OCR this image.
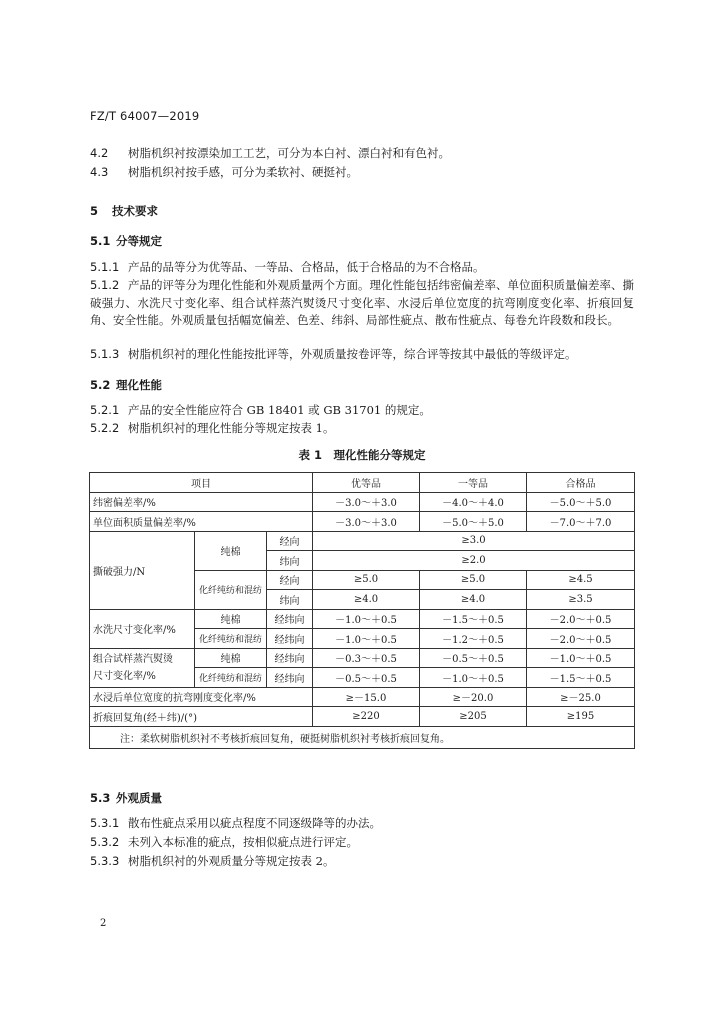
FZ/T 64007—2019
4.2 树脂机织衬按漂染加工工艺，可分为本白衬、漂白衬和有色衬。
4.3 树脂机织衬按手感，可分为柔软衬、硬挺衬。
5 技术要求
5.1 分等规定
5.1.1 产品的品等分为优等品、一等品、合格品，低于合格品的为不合格品。
5.1.2 产品的评等分为理化性能和外观质量两个方面。理化性能包括纬密偏差率、单位面积质量偏差率、撕破强力、水洗尺寸变化率、组合试样蒸汽熨烫尺寸变化率、水浸后单位宽度的抗弯刚度变化率、折痕回复角、安全性能。外观质量包括幅宽偏差、色差、纬斜、局部性疵点、散布性疵点、每卷允许段数和段长。
5.1.3 树脂机织衬的理化性能按批评等，外观质量按卷评等，综合评等按其中最低的等级评定。
5.2 理化性能
5.2.1 产品的安全性能应符合 GB 18401 或 GB 31701 的规定。
5.2.2 树脂机织衬的理化性能分等规定按表 1。
表 1　理化性能分等规定
项目			优等品	一等品	合格品
纬密偏差率/%			－3.0～＋3.0	－4.0～＋4.0	－5.0～＋5.0
单位面积质量偏差率/%			－3.0～＋3.0	－5.0～＋5.0	－7.0～＋7.0
撕破强力/N	纯棉	经向	≥3.0		
		纬向	≥2.0		
	化纤纯纺和混纺	经向	≥5.0	≥5.0	≥4.5
		纬向	≥4.0	≥4.0	≥3.5
水洗尺寸变化率/%	纯棉	经纬向	－1.0～＋0.5	－1.5～＋0.5	－2.0～＋0.5
	化纤纯纺和混纺	经纬向	－1.0～＋0.5	－1.2～＋0.5	－2.0～＋0.5
组合试样蒸汽熨烫
尺寸变化率/%	纯棉	经纬向	－0.3～＋0.5	－0.5～＋0.5	－1.0～＋0.5
	化纤纯纺和混纺	经纬向	－0.5～＋0.5	－1.0～＋0.5	－1.5～＋0.5
水浸后单位宽度的抗弯刚度变化率/%			≥－15.0	≥－20.0	≥－25.0
折痕回复角(经＋纬)/(°)			≥220	≥205	≥195
注：柔软树脂机织衬不考核折痕回复角，硬挺树脂机织衬考核折痕回复角。					
5.3 外观质量
5.3.1 散布性疵点采用以疵点程度不同逐级降等的办法。
5.3.2 未列入本标准的疵点，按相似疵点进行评定。
5.3.3 树脂机织衬的外观质量分等规定按表 2。
2
